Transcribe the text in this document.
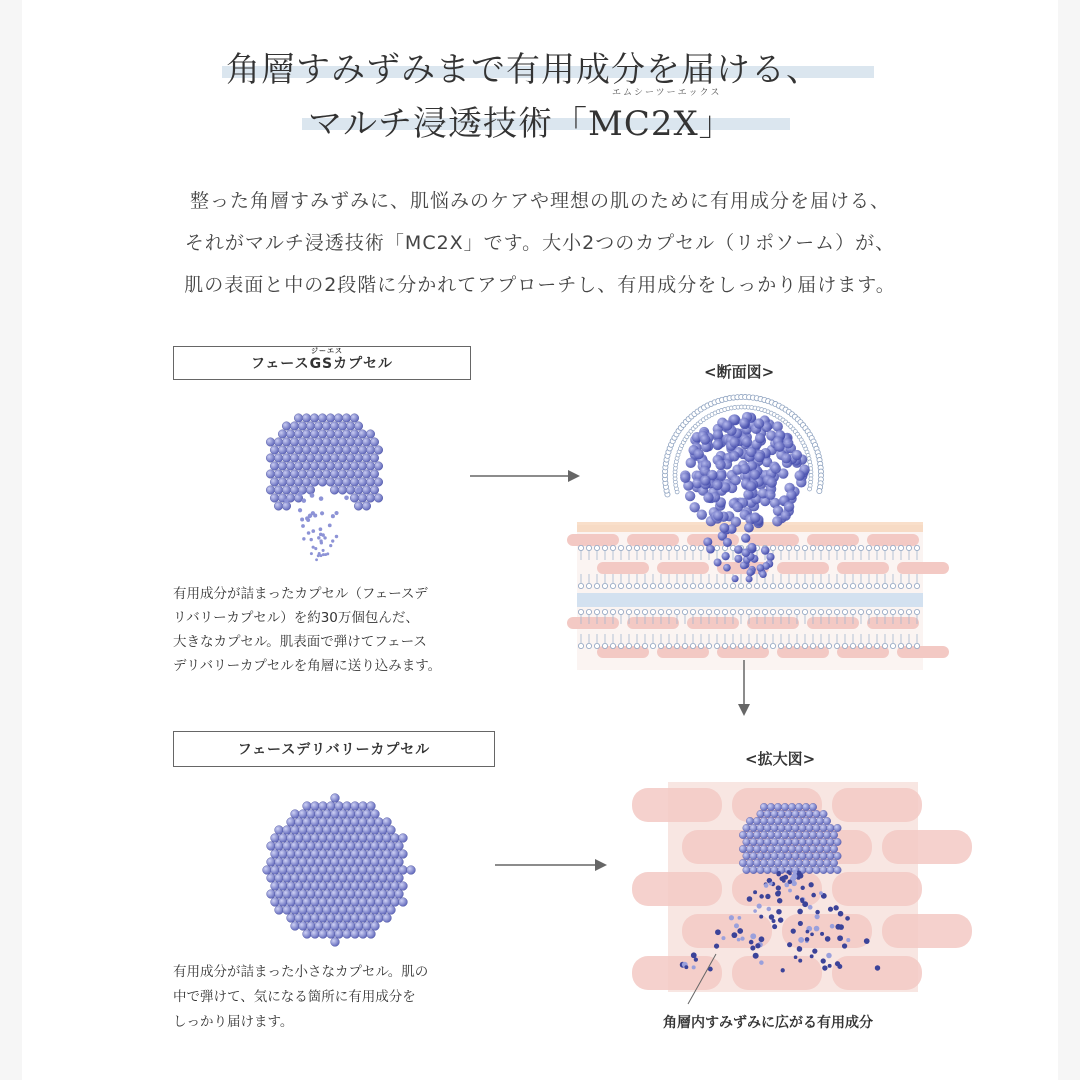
角層すみずみまで有用成分を届ける、
エムシーツーエックス
マルチ浸透技術「MC2X」
整った角層すみずみに、肌悩みのケアや理想の肌のために有用成分を届ける、
それがマルチ浸透技術「MC2X」です。大小2つのカプセル（リポソーム）が、
肌の表面と中の2段階に分かれてアプローチし、有用成分をしっかり届けます。
ジーエス
フェースGSカプセル
有用成分が詰まったカプセル（フェースデ
リバリーカプセル）を約30万個包んだ、
大きなカプセル。肌表面で弾けてフェース
デリバリーカプセルを角層に送り込みます。
<断面図>
フェースデリバリーカプセル
有用成分が詰まった小さなカプセル。肌の
中で弾けて、気になる箇所に有用成分を
しっかり届けます。
<拡大図>
角層内すみずみに広がる有用成分
